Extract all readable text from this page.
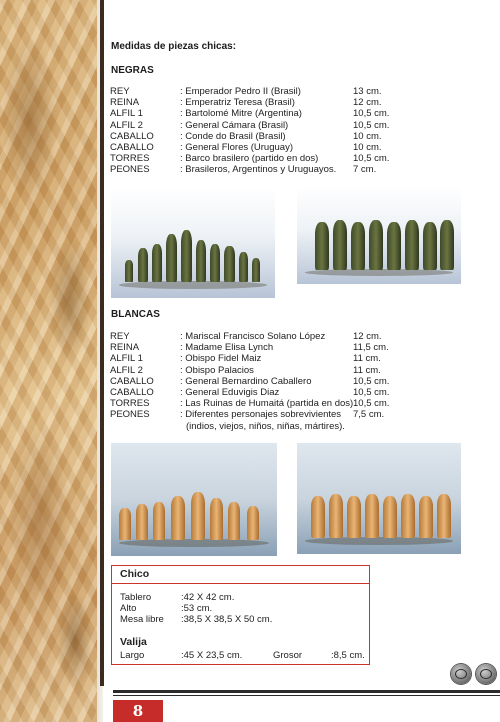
Medidas de piezas chicas:
NEGRAS
REY	: Emperador Pedro II (Brasil)	13 cm.
REINA	: Emperatriz Teresa (Brasil)	12 cm.
ALFIL 1	: Bartolomé Mitre (Argentina)	10,5 cm.
ALFIL 2	: General Cámara (Brasil)	10,5 cm.
CABALLO	: Conde do Brasil (Brasil)	10 cm.
CABALLO	: General Flores (Uruguay)	10 cm.
TORRES	: Barco brasilero (partido en dos)	10,5 cm.
PEONES	: Brasileros, Argentinos y Uruguayos. 7 cm.
BLANCAS
REY	: Mariscal Francisco Solano López	12 cm.
REINA	: Madame Elisa Lynch	11,5 cm.
ALFIL 1	: Obispo Fidel Maiz	11 cm.
ALFIL 2	: Obispo Palacios	11 cm.
CABALLO	: General Bernardino Caballero	10,5 cm.
CABALLO	: General Eduvigis Diaz	10,5 cm.
TORRES	: Las Ruinas de Humaitá (partida en dos) 10,5 cm.
PEONES	: Diferentes personajes sobrevivientes 7,5 cm.
(indios, viejos, niños, niñas, mártires).
Chico
Tablero	:42 X 42 cm.
Alto	:53 cm.
Mesa libre :38,5 X 38,5 X 50 cm.
Valija
Largo	:45 X 23,5 cm.	Grosor	:8,5 cm.
8
